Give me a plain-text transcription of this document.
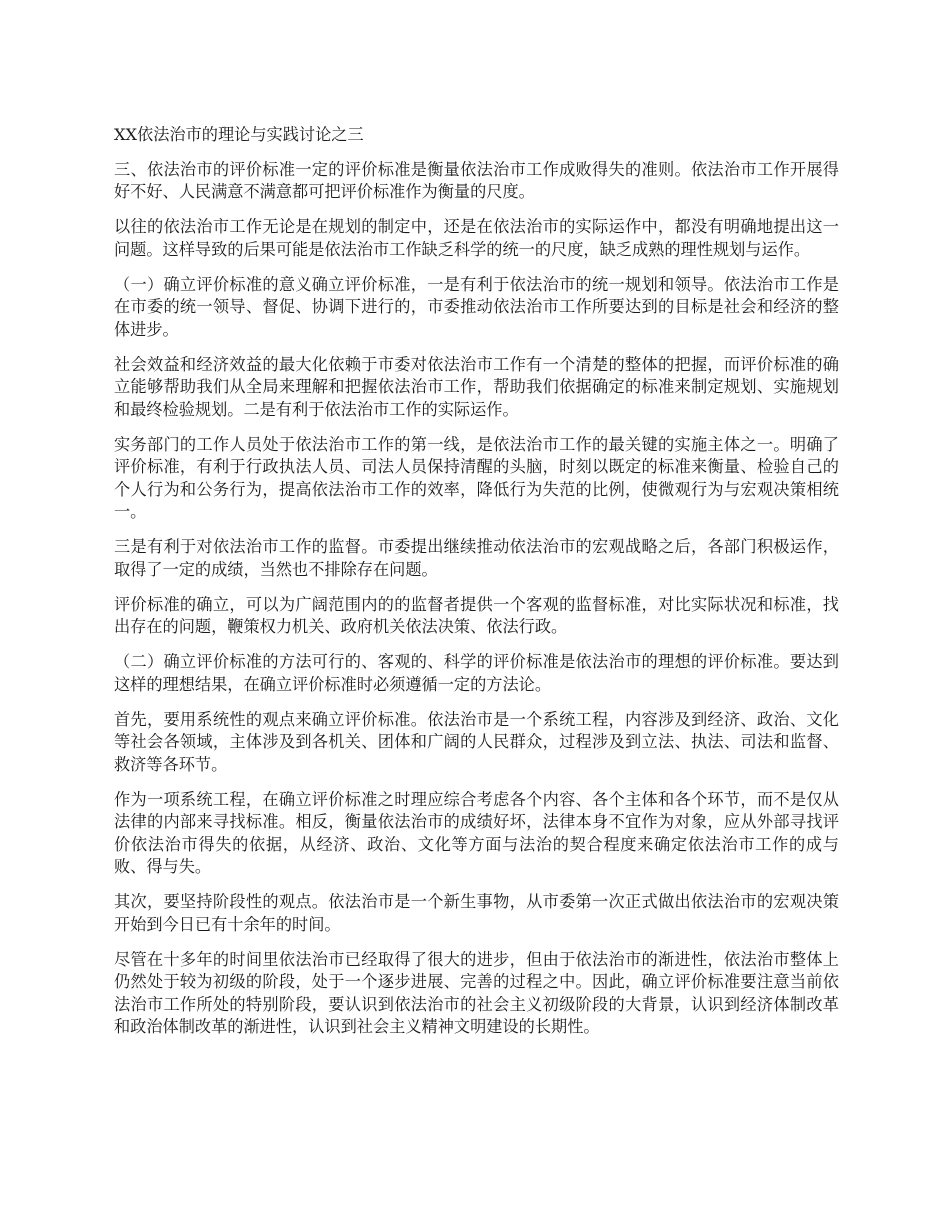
XX依法治市的理论与实践讨论之三

三、依法治市的评价标准一定的评价标准是衡量依法治市工作成败得失的准则。依法治市工作开展得好不好、人民满意不满意都可把评价标准作为衡量的尺度。

以往的依法治市工作无论是在规划的制定中，还是在依法治市的实际运作中，都没有明确地提出这一问题。这样导致的后果可能是依法治市工作缺乏科学的统一的尺度，缺乏成熟的理性规划与运作。

（一）确立评价标准的意义确立评价标准，一是有利于依法治市的统一规划和领导。依法治市工作是在市委的统一领导、督促、协调下进行的，市委推动依法治市工作所要达到的目标是社会和经济的整体进步。

社会效益和经济效益的最大化依赖于市委对依法治市工作有一个清楚的整体的把握，而评价标准的确立能够帮助我们从全局来理解和把握依法治市工作，帮助我们依据确定的标准来制定规划、实施规划和最终检验规划。二是有利于依法治市工作的实际运作。

实务部门的工作人员处于依法治市工作的第一线，是依法治市工作的最关键的实施主体之一。明确了评价标准，有利于行政执法人员、司法人员保持清醒的头脑，时刻以既定的标准来衡量、检验自己的个人行为和公务行为，提高依法治市工作的效率，降低行为失范的比例，使微观行为与宏观决策相统一。

三是有利于对依法治市工作的监督。市委提出继续推动依法治市的宏观战略之后，各部门积极运作，取得了一定的成绩，当然也不排除存在问题。

评价标准的确立，可以为广阔范围内的的监督者提供一个客观的监督标准，对比实际状况和标准，找出存在的问题，鞭策权力机关、政府机关依法决策、依法行政。

（二）确立评价标准的方法可行的、客观的、科学的评价标准是依法治市的理想的评价标准。要达到这样的理想结果，在确立评价标准时必须遵循一定的方法论。

首先，要用系统性的观点来确立评价标准。依法治市是一个系统工程，内容涉及到经济、政治、文化等社会各领域，主体涉及到各机关、团体和广阔的人民群众，过程涉及到立法、执法、司法和监督、救济等各环节。

作为一项系统工程，在确立评价标准之时理应综合考虑各个内容、各个主体和各个环节，而不是仅从法律的内部来寻找标准。相反，衡量依法治市的成绩好坏，法律本身不宜作为对象，应从外部寻找评价依法治市得失的依据，从经济、政治、文化等方面与法治的契合程度来确定依法治市工作的成与败、得与失。

其次，要坚持阶段性的观点。依法治市是一个新生事物，从市委第一次正式做出依法治市的宏观决策开始到今日已有十余年的时间。

尽管在十多年的时间里依法治市已经取得了很大的进步，但由于依法治市的渐进性，依法治市整体上仍然处于较为初级的阶段，处于一个逐步进展、完善的过程之中。因此，确立评价标准要注意当前依法治市工作所处的特别阶段，要认识到依法治市的社会主义初级阶段的大背景，认识到经济体制改革和政治体制改革的渐进性，认识到社会主义精神文明建设的长期性。
